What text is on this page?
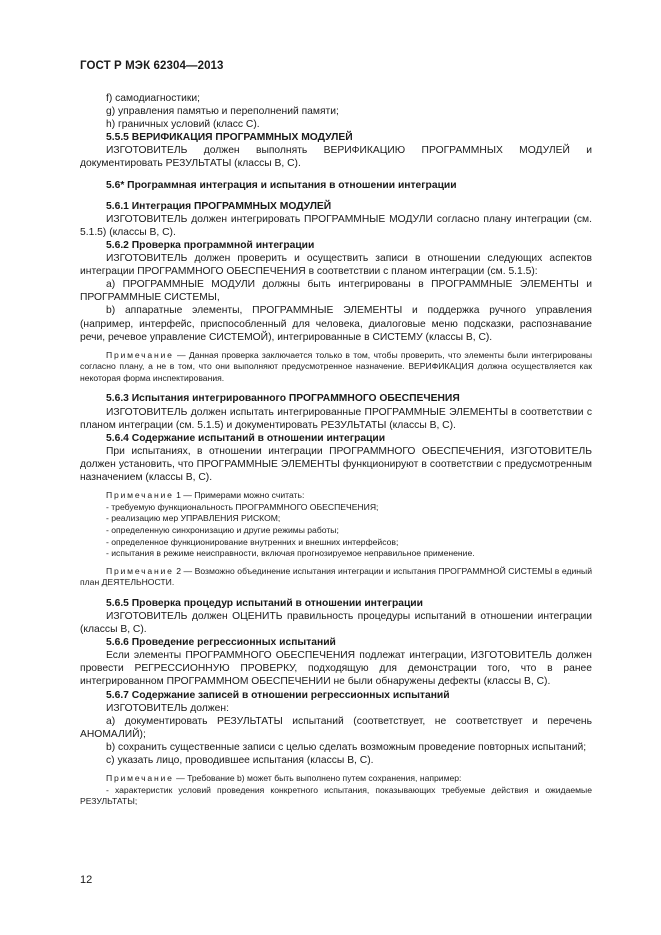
ГОСТ Р МЭК 62304—2013

f) самодиагностики;

g) управления памятью и переполнений памяти;

h) граничных условий (класс C).

5.5.5 ВЕРИФИКАЦИЯ ПРОГРАММНЫХ МОДУЛЕЙ

ИЗГОТОВИТЕЛЬ должен выполнять ВЕРИФИКАЦИЮ ПРОГРАММНЫХ МОДУЛЕЙ и документировать РЕЗУЛЬТАТЫ (классы B, C).

5.6* Программная интеграция и испытания в отношении интеграции

5.6.1 Интеграция ПРОГРАММНЫХ МОДУЛЕЙ

ИЗГОТОВИТЕЛЬ должен интегрировать ПРОГРАММНЫЕ МОДУЛИ согласно плану интеграции (см. 5.1.5) (классы B, C).

5.6.2 Проверка программной интеграции

ИЗГОТОВИТЕЛЬ должен проверить и осуществить записи в отношении следующих аспектов интеграции ПРОГРАММНОГО ОБЕСПЕЧЕНИЯ в соответствии с планом интеграции (см. 5.1.5):

a) ПРОГРАММНЫЕ МОДУЛИ должны быть интегрированы в ПРОГРАММНЫЕ ЭЛЕМЕНТЫ и ПРОГРАММНЫЕ СИСТЕМЫ,

b) аппаратные элементы, ПРОГРАММНЫЕ ЭЛЕМЕНТЫ и поддержка ручного управления (например, интерфейс, приспособленный для человека, диалоговые меню подсказки, распознавание речи, речевое управление СИСТЕМОЙ), интегрированные в СИСТЕМУ (классы B, C).

Примечание — Данная проверка заключается только в том, чтобы проверить, что элементы были интегрированы согласно плану, а не в том, что они выполняют предусмотренное назначение. ВЕРИФИКАЦИЯ должна осуществляется как некоторая форма инспектирования.

5.6.3 Испытания интегрированного ПРОГРАММНОГО ОБЕСПЕЧЕНИЯ

ИЗГОТОВИТЕЛЬ должен испытать интегрированные ПРОГРАММНЫЕ ЭЛЕМЕНТЫ в соответствии с планом интеграции (см. 5.1.5) и документировать РЕЗУЛЬТАТЫ (классы B, C).

5.6.4 Содержание испытаний в отношении интеграции

При испытаниях, в отношении интеграции ПРОГРАММНОГО ОБЕСПЕЧЕНИЯ, ИЗГОТОВИТЕЛЬ должен установить, что ПРОГРАММНЫЕ ЭЛЕМЕНТЫ функционируют в соответствии с предусмотренным назначением (классы B, C).

Примечание 1 — Примерами можно считать:

- требуемую функциональность ПРОГРАММНОГО ОБЕСПЕЧЕНИЯ;

- реализацию мер УПРАВЛЕНИЯ РИСКОМ;

- определенную синхронизацию и другие режимы работы;

- определенное функционирование внутренних и внешних интерфейсов;

- испытания в режиме неисправности, включая прогнозируемое неправильное применение.

Примечание 2 — Возможно объединение испытания интеграции и испытания ПРОГРАММНОЙ СИСТЕМЫ в единый план ДЕЯТЕЛЬНОСТИ.

5.6.5 Проверка процедур испытаний в отношении интеграции

ИЗГОТОВИТЕЛЬ должен ОЦЕНИТЬ правильность процедуры испытаний в отношении интеграции (классы B, C).

5.6.6 Проведение регрессионных испытаний

Если элементы ПРОГРАММНОГО ОБЕСПЕЧЕНИЯ подлежат интеграции, ИЗГОТОВИТЕЛЬ должен провести РЕГРЕССИОННУЮ ПРОВЕРКУ, подходящую для демонстрации того, что в ранее интегрированном ПРОГРАММНОМ ОБЕСПЕЧЕНИИ не были обнаружены дефекты (классы B, C).

5.6.7 Содержание записей в отношении регрессионных испытаний

ИЗГОТОВИТЕЛЬ должен:

a) документировать РЕЗУЛЬТАТЫ испытаний (соответствует, не соответствует и перечень АНОМАЛИЙ);

b) сохранить существенные записи с целью сделать возможным проведение повторных испытаний;

c) указать лицо, проводившее испытания (классы B, C).

Примечание — Требование b) может быть выполнено путем сохранения, например:

- характеристик условий проведения конкретного испытания, показывающих требуемые действия и ожидаемые РЕЗУЛЬТАТЫ;

12
